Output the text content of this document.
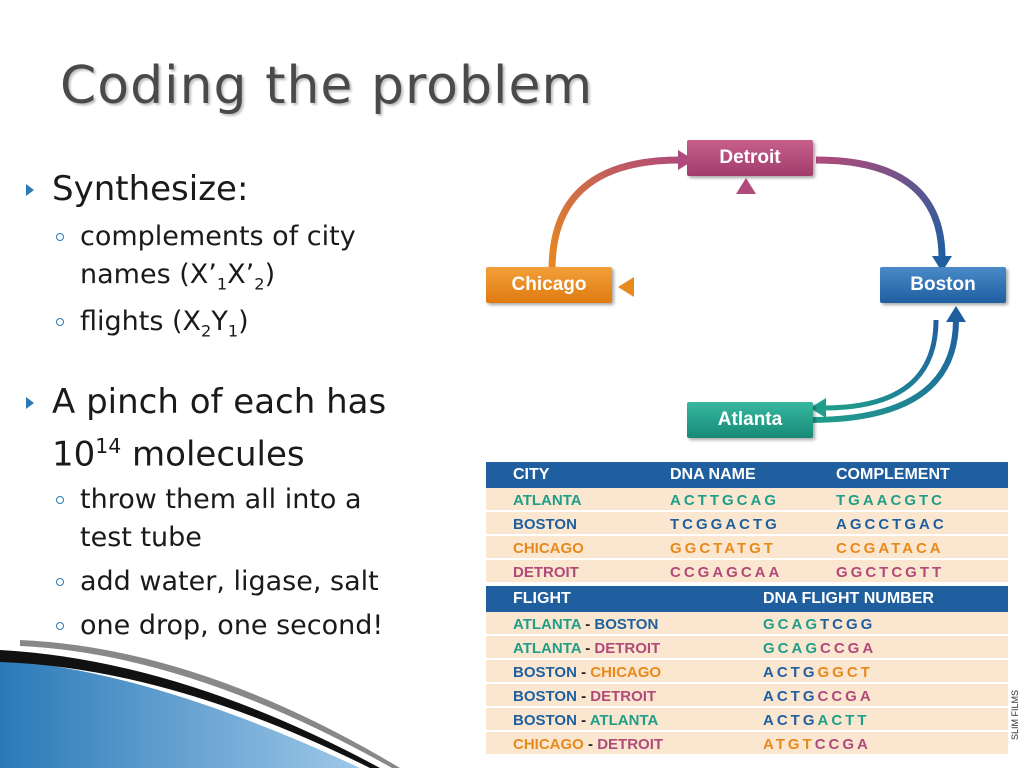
Coding the problem
Synthesize:
complements of city
names $(X’_1X’_2)$
flights $(X_2Y_1)$
A pinch of each has
$10^{14}$ molecules
throw them all into a
test tube
add water, ligase, salt
one drop, one second!
Detroit
Chicago	Boston
Atlanta
CITY	DNA NAME	COMPLEMENT
ATLANTA	ACTTGCAG	TGAACGTC
BOSTON	TCGGACTG	AGCCTGAC
CHICAGO	GGCTATGT	CCGATACA
DETROIT	CCGAGCAA	GGCTCGTT
FLIGHT	DNA FLIGHT NUMBER
ATLANTA - BOSTON	GCAGTCGG
ATLANTA - DETROIT	GCAGCCGA
BOSTON - CHICAGO	ACTGGGCT
BOSTON - DETROIT	ACTGCCGA
BOSTON - ATLANTA	ACTGACTT
CHICAGO - DETROIT	ATGTCCGA
SLIM FILMS
